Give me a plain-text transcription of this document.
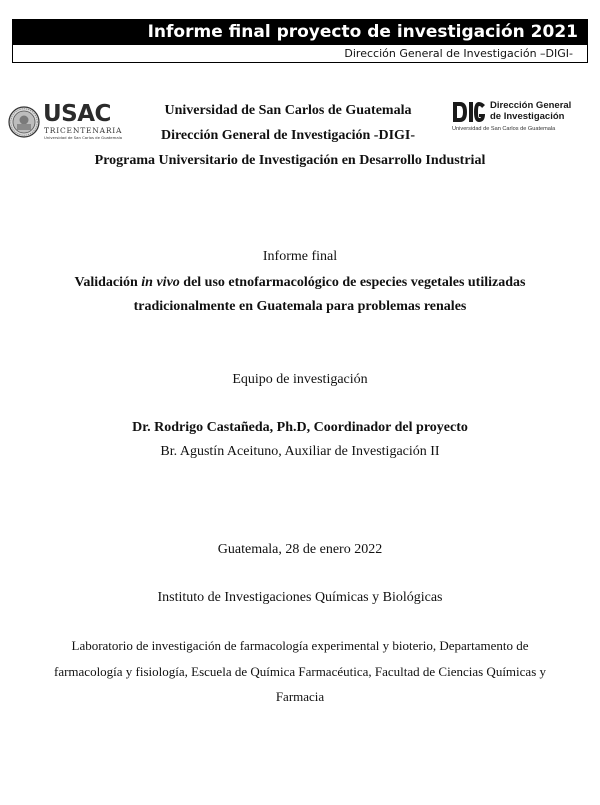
Informe final proyecto de investigación 2021
Dirección General de Investigación –DIGI-
USAC
TRICENTENARIA
Universidad de San Carlos de Guatemala
Dirección General
de Investigación
Universidad de San Carlos de Guatemala
Universidad de San Carlos de Guatemala
Dirección General de Investigación -DIGI-
Programa Universitario de Investigación en Desarrollo Industrial
Informe final
Validación in vivo del uso etnofarmacológico de especies vegetales utilizadas
tradicionalmente en Guatemala para problemas renales
Equipo de investigación
Dr. Rodrigo Castañeda, Ph.D, Coordinador del proyecto
Br. Agustín Aceituno, Auxiliar de Investigación II
Guatemala, 28 de enero 2022
Instituto de Investigaciones Químicas y Biológicas
Laboratorio de investigación de farmacología experimental y bioterio, Departamento de
farmacología y fisiología, Escuela de Química Farmacéutica, Facultad de Ciencias Químicas y
Farmacia
